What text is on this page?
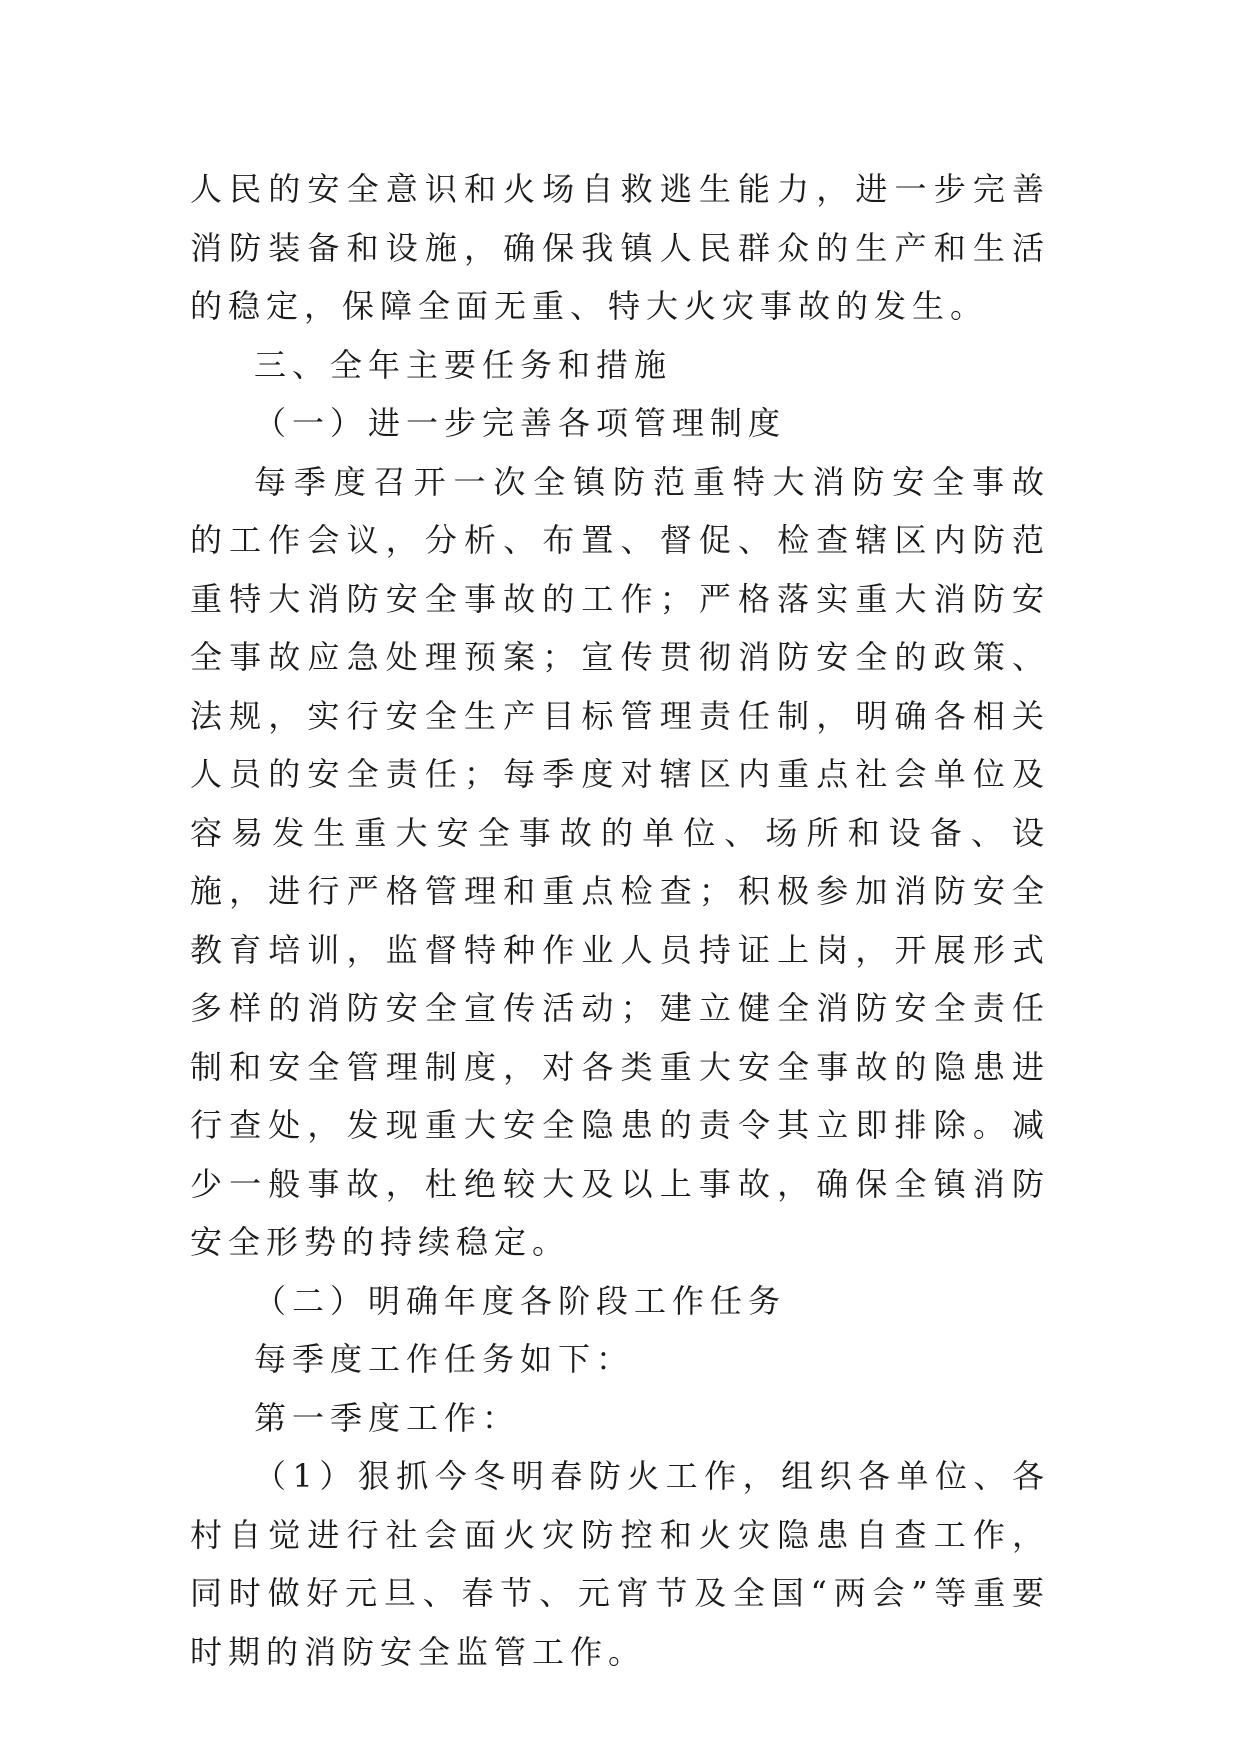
人民的安全意识和火场自救逃生能力，进一步完善消防装备和设施，确保我镇人民群众的生产和生活的稳定，保障全面无重、特大火灾事故的发生。

三、全年主要任务和措施

（一）进一步完善各项管理制度

每季度召开一次全镇防范重特大消防安全事故的工作会议，分析、布置、督促、检查辖区内防范重特大消防安全事故的工作；严格落实重大消防安全事故应急处理预案；宣传贯彻消防安全的政策、法规，实行安全生产目标管理责任制，明确各相关人员的安全责任；每季度对辖区内重点社会单位及容易发生重大安全事故的单位、场所和设备、设施，进行严格管理和重点检查；积极参加消防安全教育培训，监督特种作业人员持证上岗，开展形式多样的消防安全宣传活动；建立健全消防安全责任制和安全管理制度，对各类重大安全事故的隐患进行查处，发现重大安全隐患的责令其立即排除。减少一般事故，杜绝较大及以上事故，确保全镇消防安全形势的持续稳定。

（二）明确年度各阶段工作任务

每季度工作任务如下：

第一季度工作：

（1）狠抓今冬明春防火工作，组织各单位、各村自觉进行社会面火灾防控和火灾隐患自查工作，同时做好元旦、春节、元宵节及全国“两会”等重要时期的消防安全监管工作。
